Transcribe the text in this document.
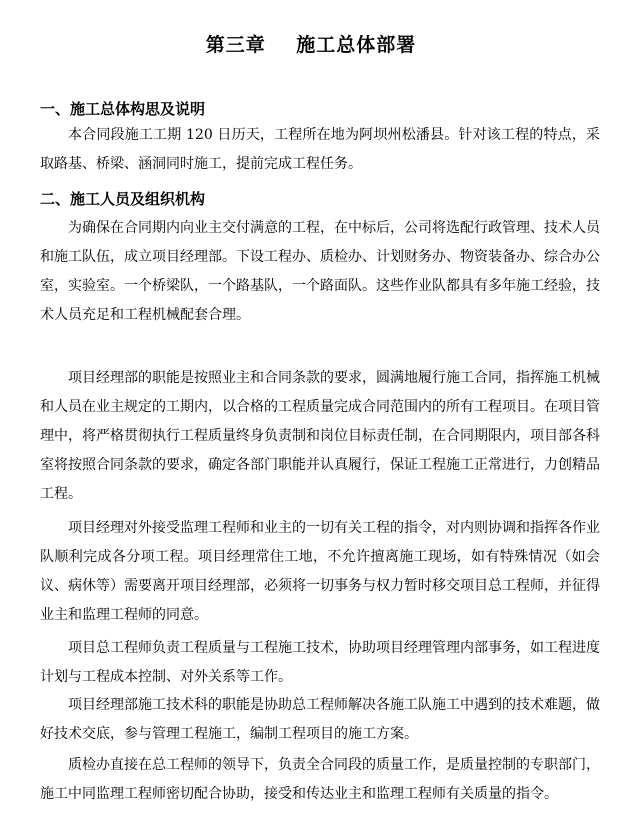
第三章    施工总体部署
一、施工总体构思及说明
本合同段施工工期 120 日历天，工程所在地为阿坝州松潘县。针对该工程的特点，采取路基、桥梁、涵洞同时施工，提前完成工程任务。
二、施工人员及组织机构
为确保在合同期内向业主交付满意的工程，在中标后，公司将选配行政管理、技术人员和施工队伍，成立项目经理部。下设工程办、质检办、计划财务办、物资装备办、综合办公室，实验室。一个桥梁队，一个路基队，一个路面队。这些作业队都具有多年施工经验，技术人员充足和工程机械配套合理。
项目经理部的职能是按照业主和合同条款的要求，圆满地履行施工合同，指挥施工机械和人员在业主规定的工期内，以合格的工程质量完成合同范围内的所有工程项目。在项目管理中，将严格贯彻执行工程质量终身负责制和岗位目标责任制，在合同期限内，项目部各科室将按照合同条款的要求，确定各部门职能并认真履行，保证工程施工正常进行，力创精品工程。
项目经理对外接受监理工程师和业主的一切有关工程的指令，对内则协调和指挥各作业队顺利完成各分项工程。项目经理常住工地，不允许擅离施工现场，如有特殊情况（如会议、病休等）需要离开项目经理部，必须将一切事务与权力暂时移交项目总工程师，并征得业主和监理工程师的同意。
项目总工程师负责工程质量与工程施工技术，协助项目经理管理内部事务，如工程进度计划与工程成本控制、对外关系等工作。
项目经理部施工技术科的职能是协助总工程师解决各施工队施工中遇到的技术难题，做好技术交底，参与管理工程施工，编制工程项目的施工方案。
质检办直接在总工程师的领导下，负责全合同段的质量工作，是质量控制的专职部门，施工中同监理工程师密切配合协助，接受和传达业主和监理工程师有关质量的指令。
